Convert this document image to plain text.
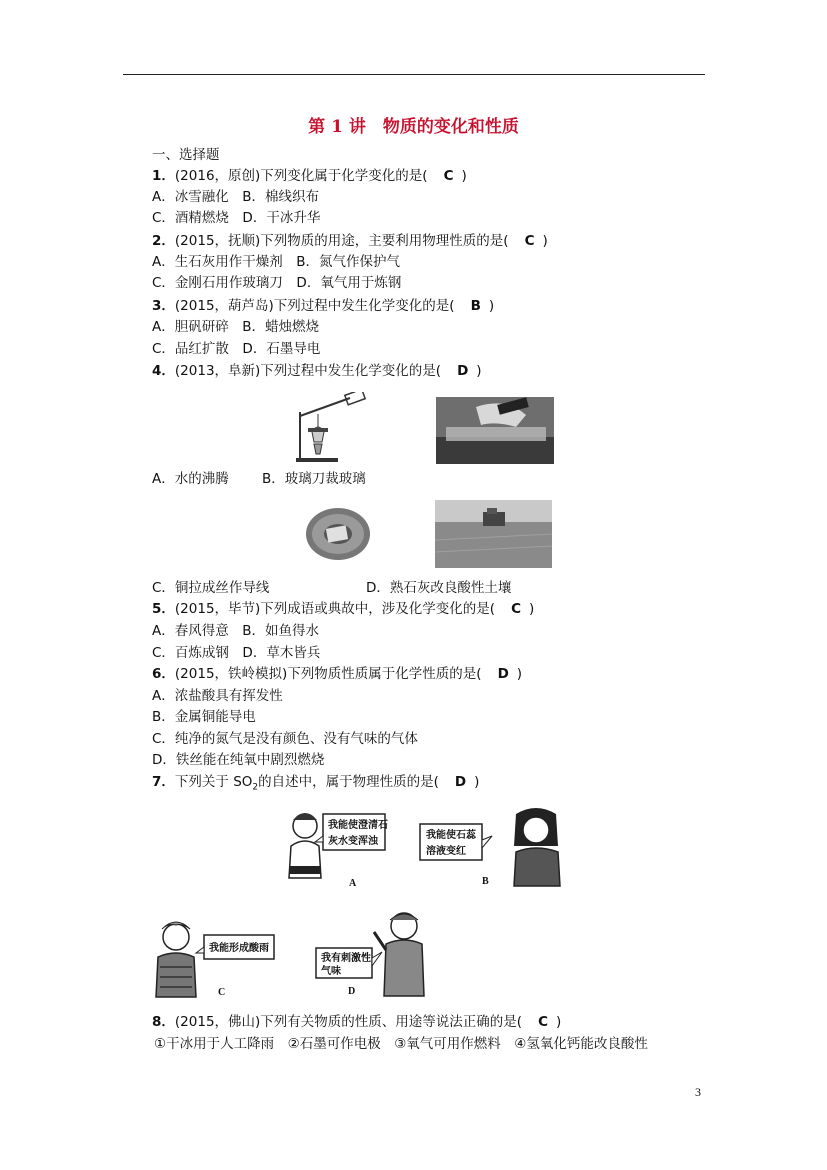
第 1 讲　物质的变化和性质
一、选择题
1．(2016，原创)下列变化属于化学变化的是( C )
A．冰雪融化　B．棉线织布
C．酒精燃烧　D．干冰升华
2．(2015，抚顺)下列物质的用途，主要利用物理性质的是( C )
A．生石灰用作干燥剂　B．氮气作保护气
C．金刚石用作玻璃刀　D．氧气用于炼钢
3．(2015，葫芦岛)下列过程中发生化学变化的是( B )
A．胆矾研碎　B．蜡烛燃烧
C．品红扩散　D．石墨导电
4．(2013，阜新)下列过程中发生化学变化的是( D )
A．水的沸腾 B．玻璃刀裁玻璃
C．铜拉成丝作导线	D．熟石灰改良酸性土壤
5．(2015，毕节)下列成语或典故中，涉及化学变化的是( C )
A．春风得意　B．如鱼得水
C．百炼成钢　D．草木皆兵
6．(2015，铁岭模拟)下列物质性质属于化学性质的是( D )
A．浓盐酸具有挥发性
B．金属铜能导电
C．纯净的氮气是没有颜色、没有气味的气体
D．铁丝能在纯氧中剧烈燃烧
7．下列关于 $SO_2$的自述中，属于物理性质的是( D )
我能使澄清石
灰水变浑浊
A
我能使石蕊
溶液变红
B
我能形成酸雨
C
我有刺激性
气味
D
8．(2015，佛山)下列有关物质的性质、用途等说法正确的是( C )
①干冰用于人工降雨　②石墨可作电极　③氧气可用作燃料　④氢氧化钙能改良酸性
3
